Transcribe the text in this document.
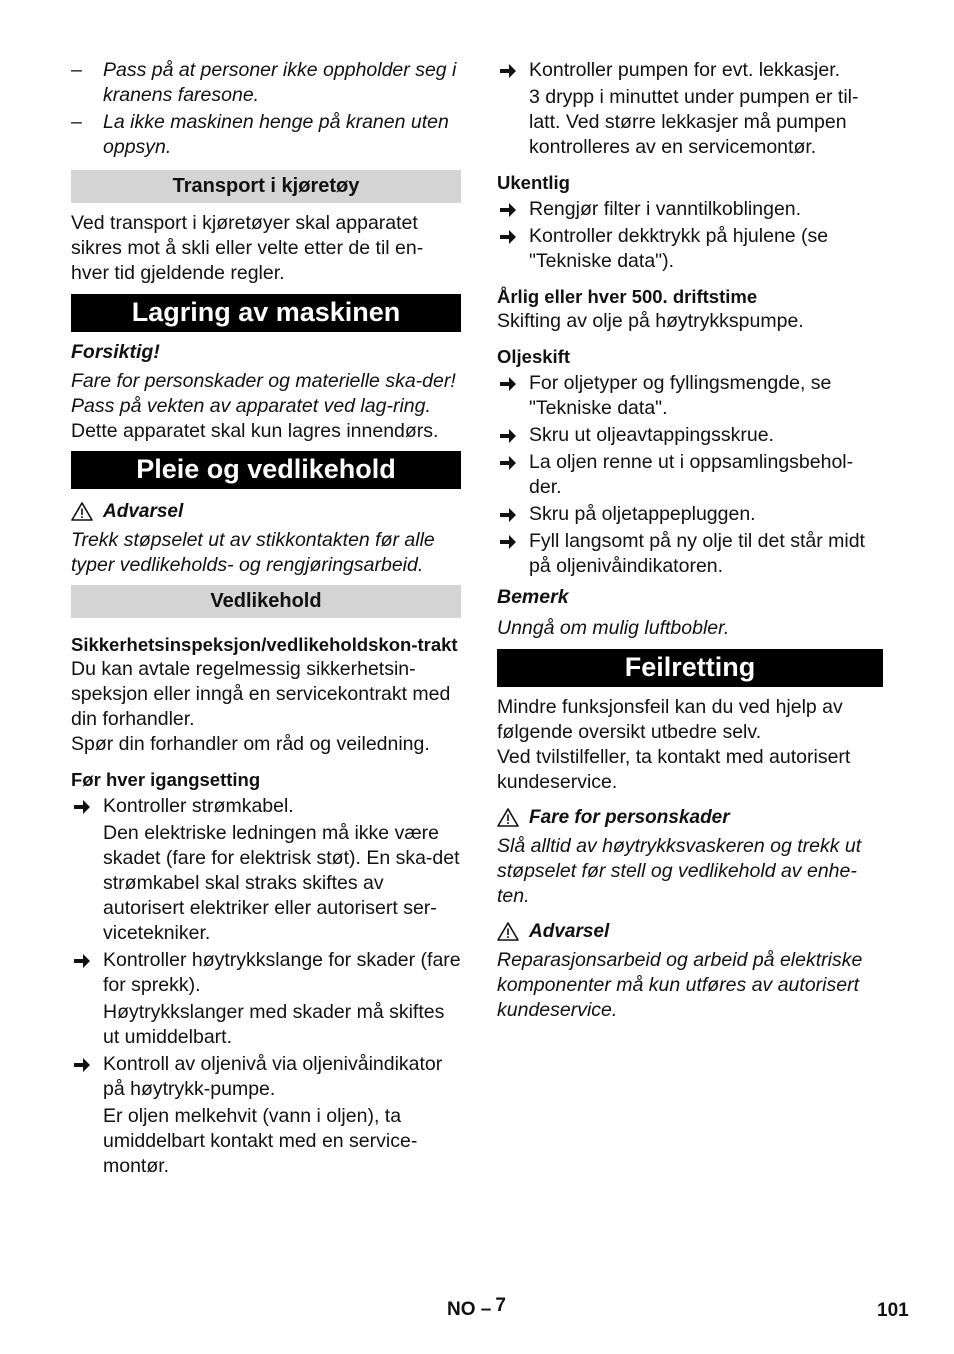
– Pass på at personer ikke oppholder seg i kranens faresone.
– La ikke maskinen henge på kranen uten oppsyn.
Transport i kjøretøy

Ved transport i kjøretøyer skal apparatet sikres mot å skli eller velte etter de til en-hver tid gjeldende regler.

Lagring av maskinen

Forsiktig!

Fare for personskader og materielle ska-der! Pass på vekten av apparatet ved lag-ring.

Dette apparatet skal kun lagres innendørs.

Pleie og vedlikehold
Advarsel

Trekk støpselet ut av stikkontakten før alle typer vedlikeholds- og rengjøringsarbeid.

Vedlikehold

Sikkerhetsinspeksjon/vedlikeholdskon-trakt

Du kan avtale regelmessig sikkerhetsin-speksjon eller inngå en servicekontrakt med din forhandler.

Spør din forhandler om råd og veiledning.

Før hver igangsetting

Kontroller strømkabel.

Den elektriske ledningen må ikke være skadet (fare for elektrisk støt). En ska-det strømkabel skal straks skiftes av autorisert elektriker eller autorisert ser-vicetekniker.

Kontroller høytrykkslange for skader (fare for sprekk).

Høytrykkslanger med skader må skiftes ut umiddelbart.

Kontroll av oljenivå via oljenivåindikator på høytrykk-pumpe.

Er oljen melkehvit (vann i oljen), ta umiddelbart kontakt med en service-montør.

Kontroller pumpen for evt. lekkasjer.

3 drypp i minuttet under pumpen er til-latt. Ved større lekkasjer må pumpen kontrolleres av en servicemontør.

Ukentlig

Rengjør filter i vanntilkoblingen.
Kontroller dekktrykk på hjulene (se "Tekniske data").

Årlig eller hver 500. driftstime

Skifting av olje på høytrykkspumpe.

Oljeskift

For oljetyper og fyllingsmengde, se "Tekniske data".
Skru ut oljeavtappingsskrue.
La oljen renne ut i oppsamlingsbehol-der.
Skru på oljetappepluggen.
Fyll langsomt på ny olje til det står midt på oljenivåindikatoren.

Bemerk

Unngå om mulig luftbobler.

Feilretting

Mindre funksjonsfeil kan du ved hjelp av følgende oversikt utbedre selv.

Ved tvilstilfeller, ta kontakt med autorisert kundeservice.

Fare for personskader

Slå alltid av høytrykksvaskeren og trekk ut støpselet før stell og vedlikehold av enhe-ten.

Advarsel

Reparasjonsarbeid og arbeid på elektriske komponenter må kun utføres av autorisert kundeservice.

NO – 7	101
